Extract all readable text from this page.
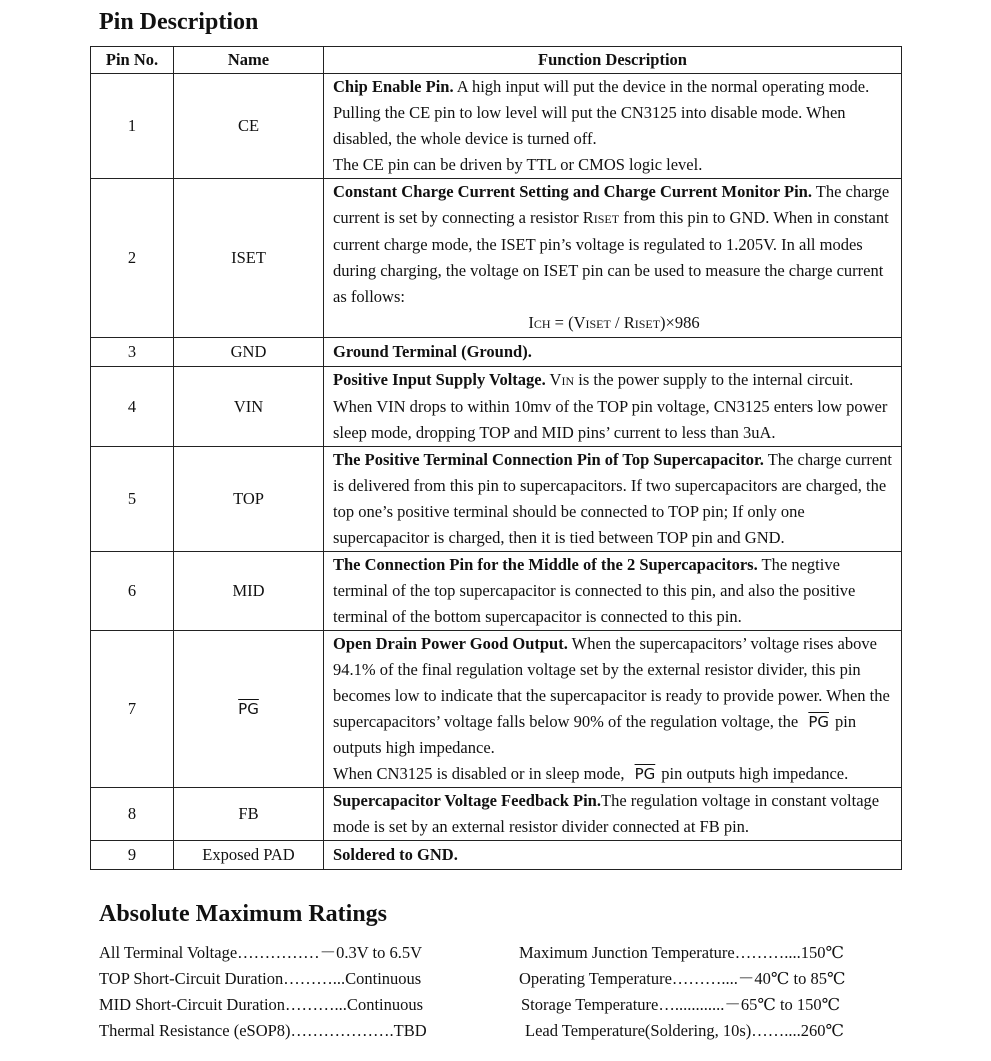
Pin Description
Pin No.	Name	Function Description
1	CE	Chip Enable Pin. A high input will put the device in the normal operating mode. Pulling the CE pin to low level will put the CN3125 into disable mode. When disabled, the whole device is turned off.
The CE pin can be driven by TTL or CMOS logic level.

2	ISET	Constant Charge Current Setting and Charge Current Monitor Pin. The charge current is set by connecting a resistor RISET from this pin to GND. When in constant current charge mode, the ISET pin’s voltage is regulated to 1.205V. In all modes during charging, the voltage on ISET pin can be used to measure the charge current as follows:
ICH = (VISET / RISET)×986

3	GND	Ground Terminal (Ground).
4	VIN	Positive Input Supply Voltage. VIN is the power supply to the internal circuit. When VIN drops to within 10mv of the TOP pin voltage, CN3125 enters low power sleep mode, dropping TOP and MID pins’ current to less than 3uA.
5	TOP	The Positive Terminal Connection Pin of Top Supercapacitor. The charge current is delivered from this pin to supercapacitors. If two supercapacitors are charged, the top one’s positive terminal should be connected to TOP pin; If only one supercapacitor is charged, then it is tied between TOP pin and GND.
6	MID	The Connection Pin for the Middle of the 2 Supercapacitors. The negtive terminal of the top supercapacitor is connected to this pin, and also the positive terminal of the bottom supercapacitor is connected to this pin.
7	$\overline{PG}$	Open Drain Power Good Output. When the supercapacitors’ voltage rises above 94.1% of the final regulation voltage set by the external resistor divider, this pin becomes low to indicate that the supercapacitor is ready to provide power. When the supercapacitors’ voltage falls below 90% of the regulation voltage, the $\overline{PG}$ pin outputs high impedance.
When CN3125 is disabled or in sleep mode, $\overline{PG}$ pin outputs high impedance.

8	FB	Supercapacitor Voltage Feedback Pin.The regulation voltage in constant voltage mode is set by an external resistor divider connected at FB pin.
9	Exposed PAD	Soldered to GND.
Absolute Maximum Ratings
All Terminal Voltage……………－0.3V to 6.5V
TOP Short-Circuit Duration………...Continuous
MID Short-Circuit Duration………...Continuous
Thermal Resistance (eSOP8)……………….TBD
Maximum Junction Temperature………....150℃
Operating Temperature………....－40℃ to 85℃
Storage Temperature…............－65℃ to 150℃
Lead Temperature(Soldering, 10s)……....260℃
